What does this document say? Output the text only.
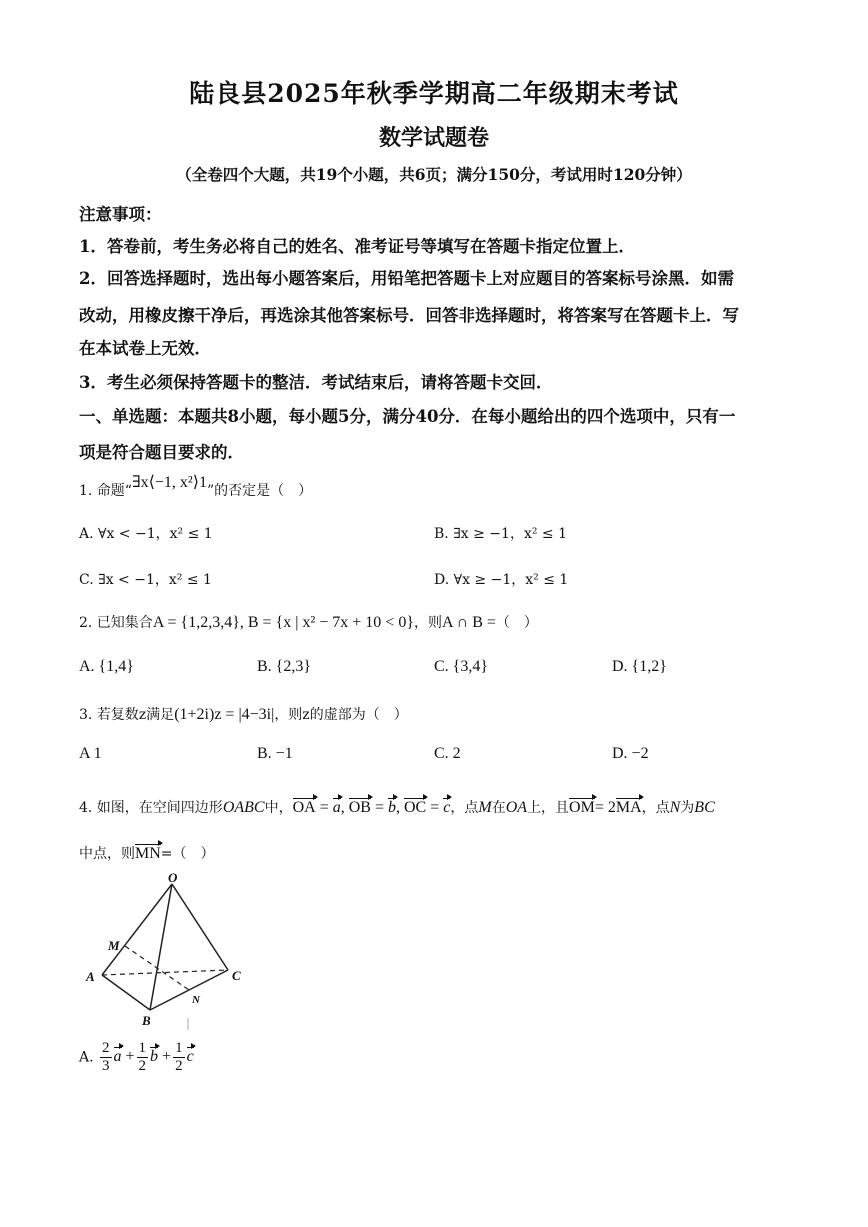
陆良县2025年秋季学期高二年级期末考试
数学试题卷
（全卷四个大题，共19个小题，共6页；满分150分，考试用时120分钟）
注意事项：
1．答卷前，考生务必将自己的姓名、准考证号等填写在答题卡指定位置上．
2．回答选择题时，选出每小题答案后，用铅笔把答题卡上对应题目的答案标号涂黑．如需
改动，用橡皮擦干净后，再选涂其他答案标号．回答非选择题时，将答案写在答题卡上．写
在本试卷上无效．
3．考生必须保持答题卡的整洁．考试结束后，请将答题卡交回．
一、单选题：本题共8小题，每小题5分，满分40分．在每小题给出的四个选项中，只有一
项是符合题目要求的．
1. 命题“∃x⟨−1, x²⟩1”的否定是（　）
A. ∀x < −1，x² ≤ 1	B. ∃x ≥ −1，x² ≤ 1
C. ∃x < −1，x² ≤ 1	D. ∀x ≥ −1，x² ≤ 1
2. 已知集合A = {1,2,3,4}, B = {x | x² − 7x + 10 < 0}，则A ∩ B =（　）
A. {1,4}	B. {2,3}	C. {3,4}	D. {1,2}
3. 若复数z满足(1+2i)z = |4−3i|，则z的虚部为（　）
A 1	B. −1	C. 2	D. −2
4. 如图，在空间四边形OABC中，OA = a, OB = b, OC = c，点M在OA上，且OM= 2MA，点N为BC
中点，则MN=（　）
O
M
A	C
N
B
A. $\frac{2}{3}$ $a + \frac{1}{2}$ $b + \frac{1}{2}$ c
